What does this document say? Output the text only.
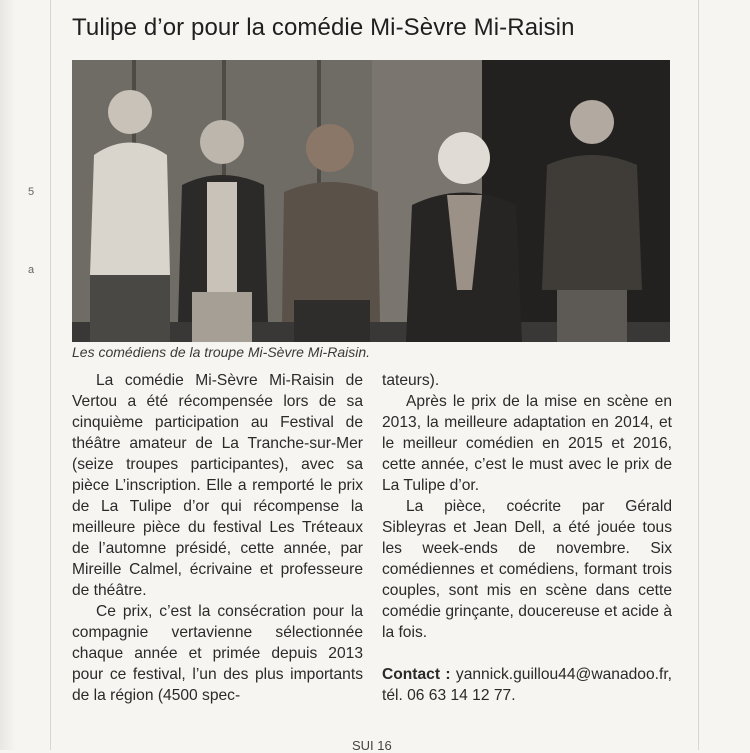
5
a
Tulipe d’or pour la comédie Mi-Sèvre Mi-Raisin
Les comédiens de la troupe Mi-Sèvre Mi-Raisin.

La comédie Mi-Sèvre Mi-Raisin de Vertou a été récompensée lors de sa cinquième participation au Festival de théâtre amateur de La Tranche-sur-Mer (seize troupes participantes), avec sa pièce L’inscription. Elle a remporté le prix de La Tulipe d’or qui récompense la meilleure pièce du festival Les Tréteaux de l’automne présidé, cette année, par Mireille Calmel, écrivaine et professeure de théâtre.

Ce prix, c’est la consécration pour la compagnie vertavienne sélectionnée chaque année et primée depuis 2013 pour ce festival, l’un des plus importants de la région (4500 spec-

tateurs).

Après le prix de la mise en scène en 2013, la meilleure adaptation en 2014, et le meilleur comédien en 2015 et 2016, cette année, c’est le must avec le prix de La Tulipe d’or.

La pièce, coécrite par Gérald Sibleyras et Jean Dell, a été jouée tous les week-ends de novembre. Six comédiennes et comédiens, formant trois couples, sont mis en scène dans cette comédie grinçante, doucereuse et acide à la fois.

Contact : yannick.guillou44@wanadoo.fr, tél. 06 63 14 12 77.

SUI 16
